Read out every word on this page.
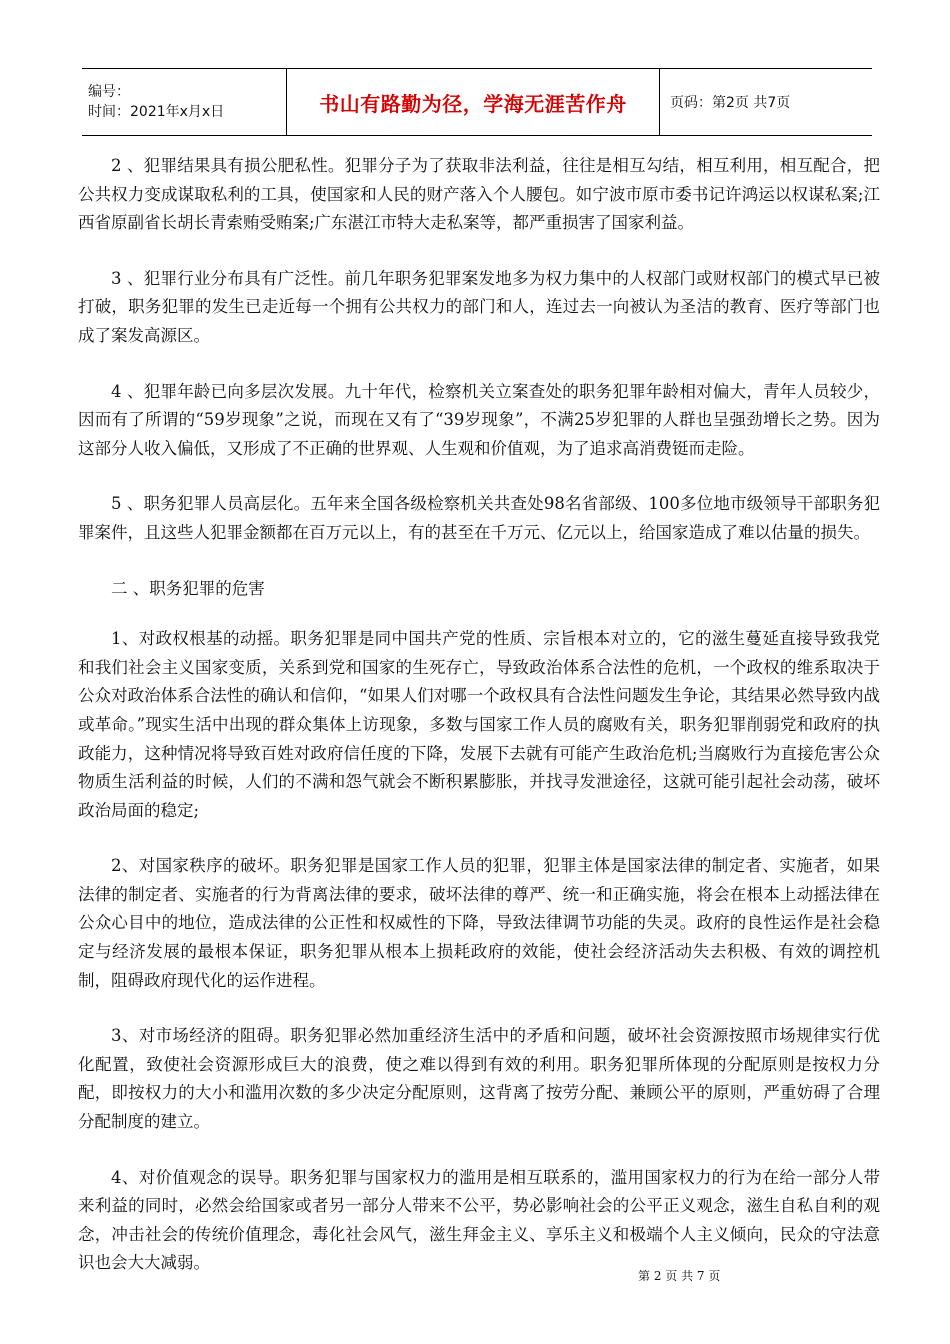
编号：
时间：2021年x月x日	书山有路勤为径，学海无涯苦作舟	页码：第2页 共7页

2 、犯罪结果具有损公肥私性。犯罪分子为了获取非法利益，往往是相互勾结，相互利用，相互配合，把公共权力变成谋取私利的工具，使国家和人民的财产落入个人腰包。如宁波市原市委书记许鸿运以权谋私案;江西省原副省长胡长青索贿受贿案;广东湛江市特大走私案等，都严重损害了国家利益。

3 、犯罪行业分布具有广泛性。前几年职务犯罪案发地多为权力集中的人权部门或财权部门的模式早已被打破，职务犯罪的发生已走近每一个拥有公共权力的部门和人，连过去一向被认为圣洁的教育、医疗等部门也成了案发高源区。

4 、犯罪年龄已向多层次发展。九十年代，检察机关立案查处的职务犯罪年龄相对偏大，青年人员较少，因而有了所谓的“59岁现象”之说，而现在又有了“39岁现象”，不满25岁犯罪的人群也呈强劲增长之势。因为这部分人收入偏低，又形成了不正确的世界观、人生观和价值观，为了追求高消费铤而走险。

5 、职务犯罪人员高层化。五年来全国各级检察机关共查处98名省部级、100多位地市级领导干部职务犯罪案件，且这些人犯罪金额都在百万元以上，有的甚至在千万元、亿元以上，给国家造成了难以估量的损失。

二 、职务犯罪的危害

1、对政权根基的动摇。职务犯罪是同中国共产党的性质、宗旨根本对立的，它的滋生蔓延直接导致我党和我们社会主义国家变质，关系到党和国家的生死存亡，导致政治体系合法性的危机，一个政权的维系取决于公众对政治体系合法性的确认和信仰，“如果人们对哪一个政权具有合法性问题发生争论，其结果必然导致内战或革命。”现实生活中出现的群众集体上访现象，多数与国家工作人员的腐败有关，职务犯罪削弱党和政府的执政能力，这种情况将导致百姓对政府信任度的下降，发展下去就有可能产生政治危机;当腐败行为直接危害公众物质生活利益的时候，人们的不满和怨气就会不断积累膨胀，并找寻发泄途径，这就可能引起社会动荡，破坏政治局面的稳定;

2、对国家秩序的破坏。职务犯罪是国家工作人员的犯罪，犯罪主体是国家法律的制定者、实施者，如果法律的制定者、实施者的行为背离法律的要求，破坏法律的尊严、统一和正确实施，将会在根本上动摇法律在公众心目中的地位，造成法律的公正性和权威性的下降，导致法律调节功能的失灵。政府的良性运作是社会稳定与经济发展的最根本保证，职务犯罪从根本上损耗政府的效能，使社会经济活动失去积极、有效的调控机制，阻碍政府现代化的运作进程。

3、对市场经济的阻碍。职务犯罪必然加重经济生活中的矛盾和问题，破坏社会资源按照市场规律实行优化配置，致使社会资源形成巨大的浪费，使之难以得到有效的利用。职务犯罪所体现的分配原则是按权力分配，即按权力的大小和滥用次数的多少决定分配原则，这背离了按劳分配、兼顾公平的原则，严重妨碍了合理分配制度的建立。

4、对价值观念的误导。职务犯罪与国家权力的滥用是相互联系的，滥用国家权力的行为在给一部分人带来利益的同时，必然会给国家或者另一部分人带来不公平，势必影响社会的公平正义观念，滋生自私自利的观念，冲击社会的传统价值理念，毒化社会风气，滋生拜金主义、享乐主义和极端个人主义倾向，民众的守法意识也会大大减弱。

第 2 页 共 7 页
